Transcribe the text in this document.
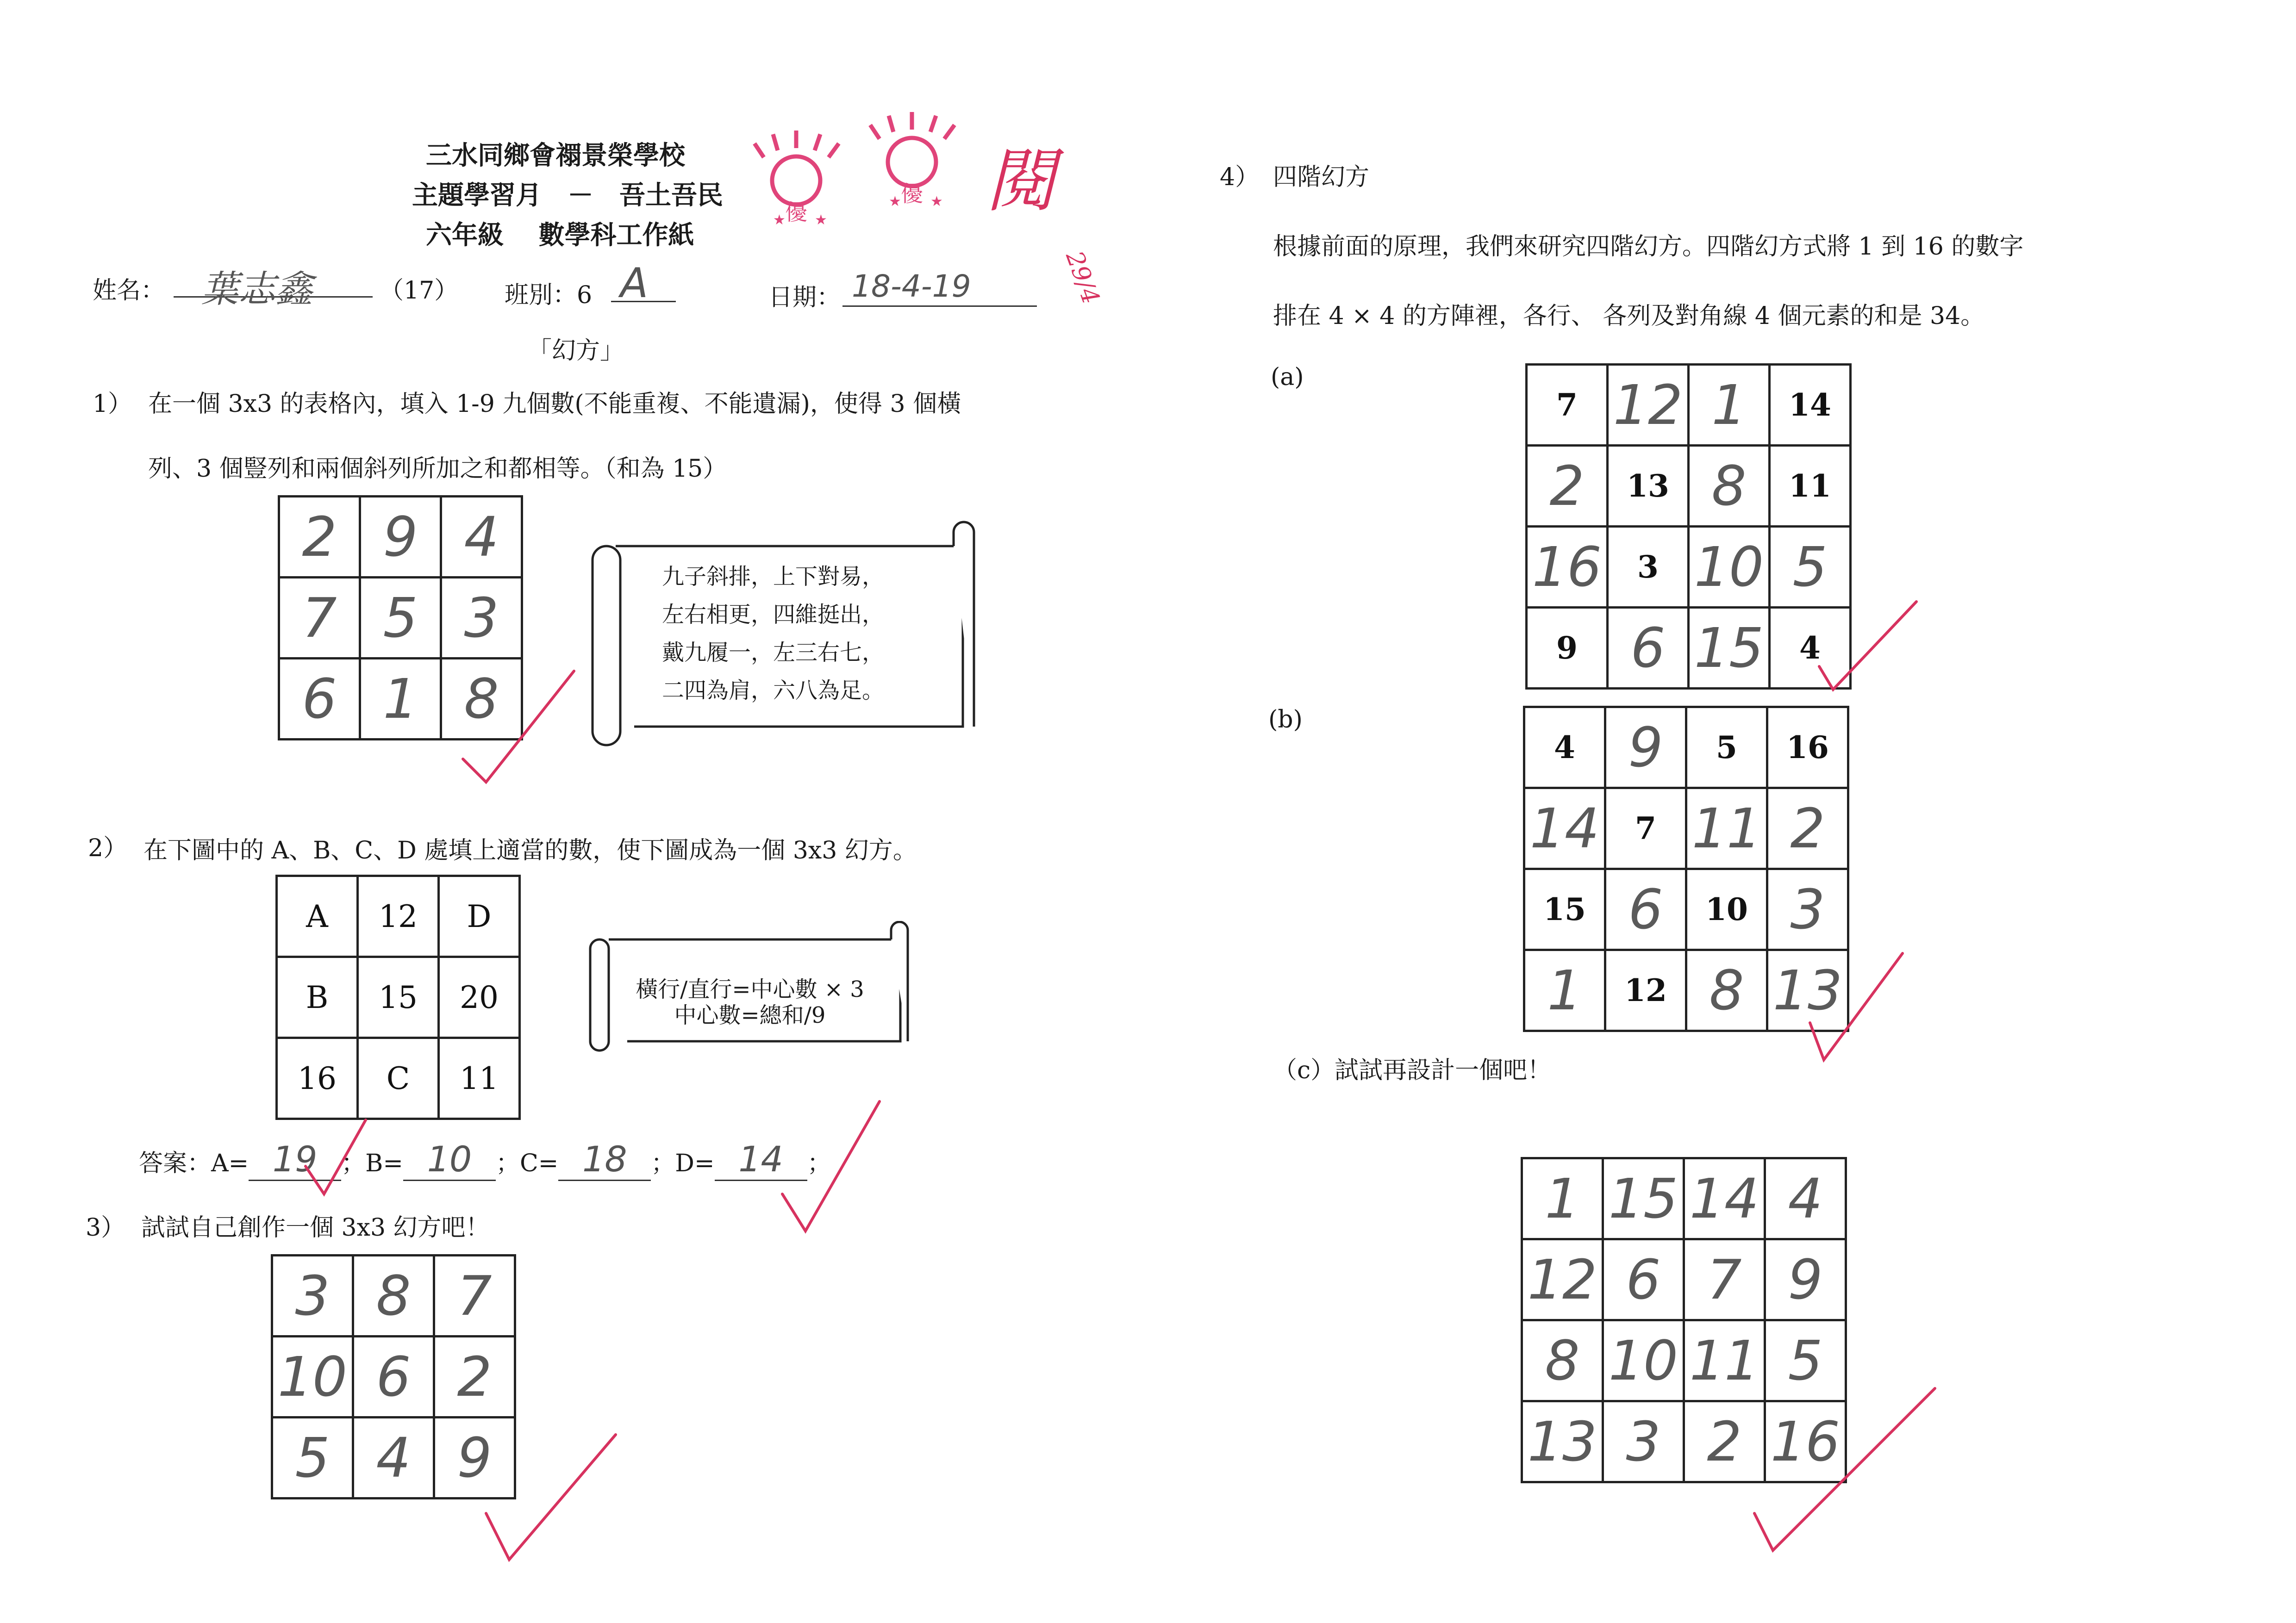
三水同鄉會禤景榮學校
主題學習月　－　吾土吾民
六年級　 數學科工作紙
優
★ ★
優
★ ★ 閱
29/4
姓名： 葉志鑫	（17） 班別：6 A	日期： 18-4-19
「幻方」
1） 在一個 3x3 的表格內，填入 1-9 九個數(不能重複、不能遺漏)，使得 3 個橫
列、3 個豎列和兩個斜列所加之和都相等。（和為 15）
2	9	4
7	5	3
6	1	8
九子斜排，上下對易，
左右相更，四維挺出，
戴九履一，左三右七，
二四為肩，六八為足。
2） 在下圖中的 A、B、C、D 處填上適當的數，使下圖成為一個 3x3 幻方。
A	12	D
B	15	20
16	C	11
橫行/直行=中心數 × 3
中心數=總和/9
答案：A= 19 ；B= 10 ；C= 18 ；D= 14 ；
3） 試試自己創作一個 3x3 幻方吧！
3	8	7
10	6	2
5	4	9
4） 四階幻方
根據前面的原理，我們來研究四階幻方。四階幻方式將 1 到 16 的數字
排在 4 × 4 的方陣裡，各行、 各列及對角線 4 個元素的和是 34。
(a)
7	12	1	14
2	13	8	11
16	3	10	5
9	6	15	4
(b)
4	9	5	16
14	7	11	2
15	6	10	3
1	12	8	13
（c）試試再設計一個吧！
1	15	14	4
12	6	7	9
8	10	11	5
13	3	2	16
